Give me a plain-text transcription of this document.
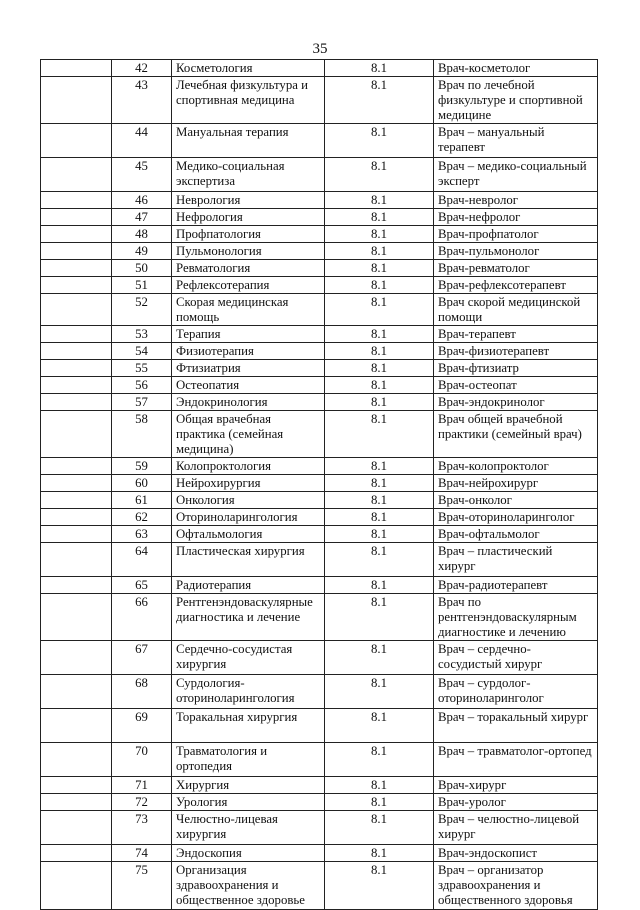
35
	42	Косметология	8.1	Врач-косметолог
	43	Лечебная физкультура и спортивная медицина	8.1	Врач по лечебной физкультуре и спортивной медицине
	44	Мануальная терапия	8.1	Врач – мануальный терапевт
	45	Медико-социальная экспертиза	8.1	Врач – медико-социальный эксперт
	46	Неврология	8.1	Врач-невролог
	47	Нефрология	8.1	Врач-нефролог
	48	Профпатология	8.1	Врач-профпатолог
	49	Пульмонология	8.1	Врач-пульмонолог
	50	Ревматология	8.1	Врач-ревматолог
	51	Рефлексотерапия	8.1	Врач-рефлексотерапевт
	52	Скорая медицинская помощь	8.1	Врач скорой медицинской помощи
	53	Терапия	8.1	Врач-терапевт
	54	Физиотерапия	8.1	Врач-физиотерапевт
	55	Фтизиатрия	8.1	Врач-фтизиатр
	56	Остеопатия	8.1	Врач-остеопат
	57	Эндокринология	8.1	Врач-эндокринолог
	58	Общая врачебная практика (семейная медицина)	8.1	Врач общей врачебной практики (семейный врач)
	59	Колопроктология	8.1	Врач-колопроктолог
	60	Нейрохирургия	8.1	Врач-нейрохирург
	61	Онкология	8.1	Врач-онколог
	62	Оториноларингология	8.1	Врач-оториноларинголог
	63	Офтальмология	8.1	Врач-офтальмолог
	64	Пластическая хирургия	8.1	Врач – пластический хирург
	65	Радиотерапия	8.1	Врач-радиотерапевт
	66	Рентгенэндоваскулярные диагностика и лечение	8.1	Врач по рентгенэндоваскулярным диагностике и лечению
	67	Сердечно-сосудистая хирургия	8.1	Врач – сердечно-сосудистый хирург
	68	Сурдология-оториноларингология	8.1	Врач – сурдолог-оториноларинголог
	69	Торакальная хирургия	8.1	Врач – торакальный хирург
	70	Травматология и ортопедия	8.1	Врач – травматолог-ортопед
	71	Хирургия	8.1	Врач-хирург
	72	Урология	8.1	Врач-уролог
	73	Челюстно-лицевая хирургия	8.1	Врач – челюстно-лицевой хирург
	74	Эндоскопия	8.1	Врач-эндоскопист
	75	Организация здравоохранения и общественное здоровье	8.1	Врач – организатор здравоохранения и общественного здоровья
